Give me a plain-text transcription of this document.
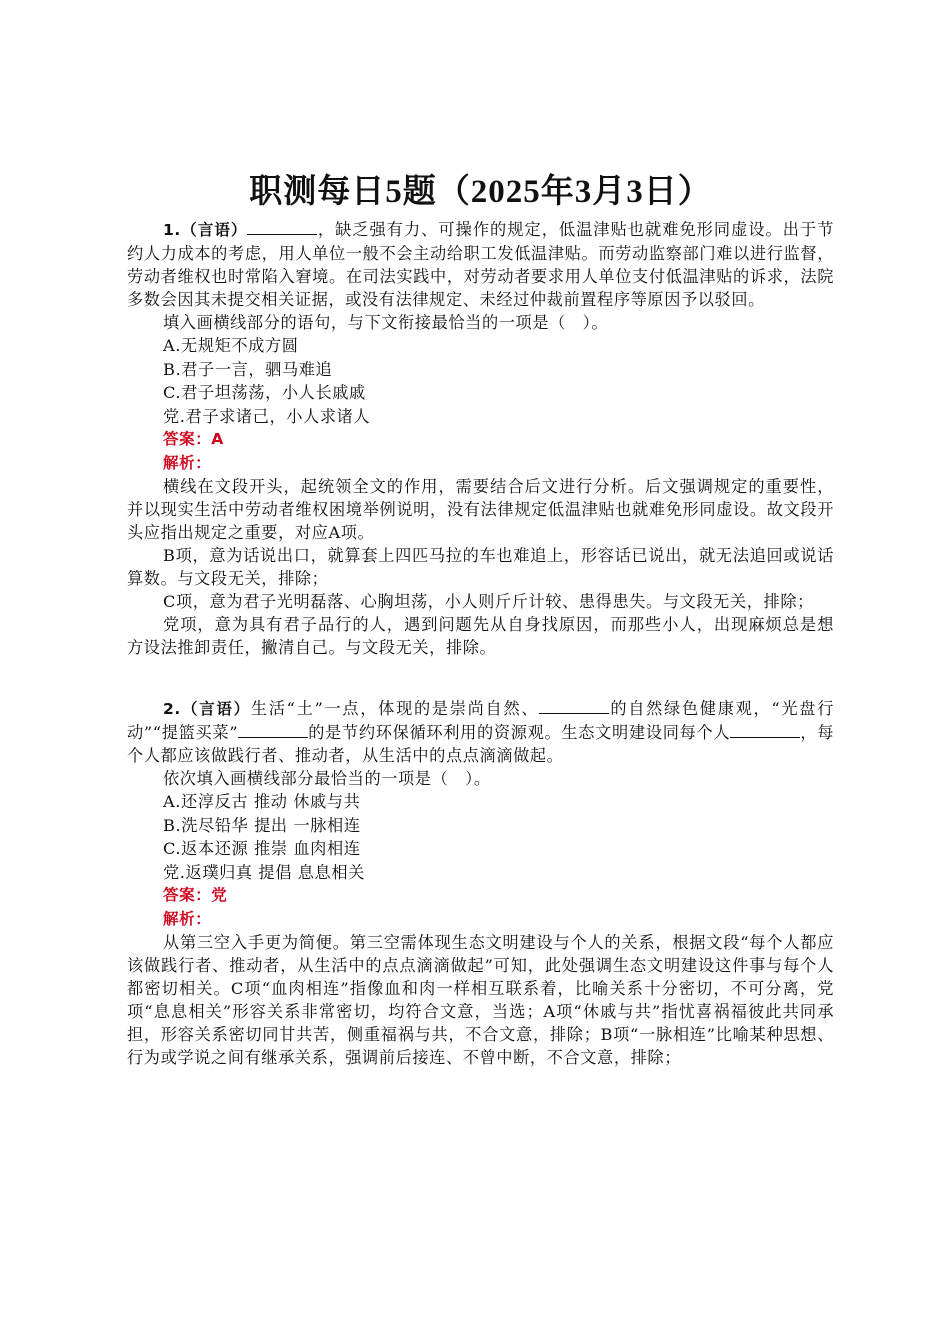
职测每日5题（2025年3月3日）

1.（言语）	，缺乏强有力、可操作的规定，低温津贴也就难免形同虚设。出于节约人力成本的考虑，用人单位一般不会主动给职工发低温津贴。而劳动监察部门难以进行监督，劳动者维权也时常陷入窘境。在司法实践中，对劳动者要求用人单位支付低温津贴的诉求，法院多数会因其未提交相关证据，或没有法律规定、未经过仲裁前置程序等原因予以驳回。

填入画横线部分的语句，与下文衔接最恰当的一项是（　）。

A.无规矩不成方圆

B.君子一言，驷马难追

C.君子坦荡荡，小人长戚戚

党.君子求诸己，小人求诸人

答案：A

解析：

横线在文段开头，起统领全文的作用，需要结合后文进行分析。后文强调规定的重要性，并以现实生活中劳动者维权困境举例说明，没有法律规定低温津贴也就难免形同虚设。故文段开头应指出规定之重要，对应A项。

B项，意为话说出口，就算套上四匹马拉的车也难追上，形容话已说出，就无法追回或说话算数。与文段无关，排除；

C项，意为君子光明磊落、心胸坦荡，小人则斤斤计较、患得患失。与文段无关，排除；

党项，意为具有君子品行的人，遇到问题先从自身找原因，而那些小人，出现麻烦总是想方设法推卸责任，撇清自己。与文段无关，排除。

2.（言语）生活“土”一点，体现的是崇尚自然、	的自然绿色健康观，“光盘行动”“提篮买菜”	的是节约环保循环利用的资源观。生态文明建设同每个人	，每个人都应该做践行者、推动者，从生活中的点点滴滴做起。

依次填入画横线部分最恰当的一项是（　）。

A.还淳反古 推动 休戚与共

B.洗尽铅华 提出 一脉相连

C.返本还源 推崇 血肉相连

党.返璞归真 提倡 息息相关

答案：党

解析：

从第三空入手更为简便。第三空需体现生态文明建设与个人的关系，根据文段“每个人都应该做践行者、推动者，从生活中的点点滴滴做起”可知，此处强调生态文明建设这件事与每个人都密切相关。C项“血肉相连”指像血和肉一样相互联系着，比喻关系十分密切，不可分离，党项“息息相关”形容关系非常密切，均符合文意，当选；A项“休戚与共”指忧喜祸福彼此共同承担，形容关系密切同甘共苦，侧重福祸与共，不合文意，排除；B项“一脉相连”比喻某种思想、行为或学说之间有继承关系，强调前后接连、不曾中断，不合文意，排除；
